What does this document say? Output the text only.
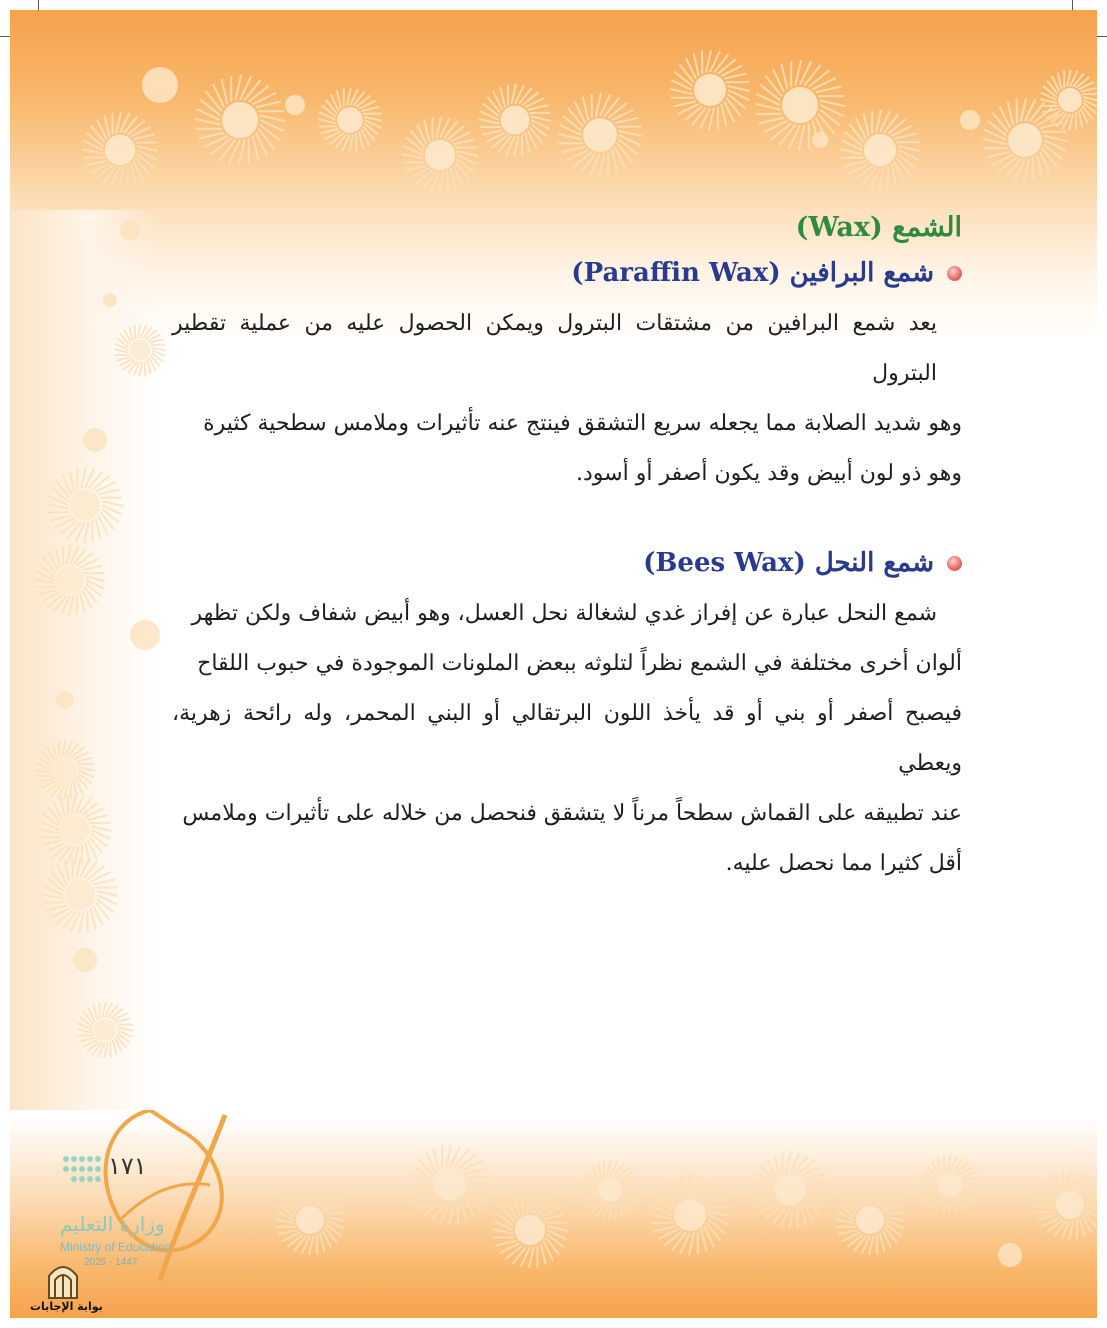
الشمع (Wax)
شمع البرافين (Paraffin Wax)

يعد شمع البرافين من مشتقات البترول ويمكن الحصول عليه من عملية تقطير البترول
وهو شديد الصلابة مما يجعله سريع التشقق فينتج عنه تأثيرات وملامس سطحية كثيرة
وهو ذو لون أبيض وقد يكون أصفر أو أسود.

شمع النحل (Bees Wax)

شمع النحل عبارة عن إفراز غدي لشغالة نحل العسل، وهو أبيض شفاف ولكن تظهر
ألوان أخرى مختلفة في الشمع نظراً لتلوثه ببعض الملونات الموجودة في حبوب اللقاح
فيصبح أصفر أو بني أو قد يأخذ اللون البرتقالي أو البني المحمر، وله رائحة زهرية، ويعطي
عند تطبيقه على القماش سطحاً مرناً لا يتشقق فنحصل من خلاله على تأثيرات وملامس
أقل كثيرا مما نحصل عليه.

١٧١
وزارة التعليم
Ministry of Education
2025 - 1447
بوابة الإجابات
